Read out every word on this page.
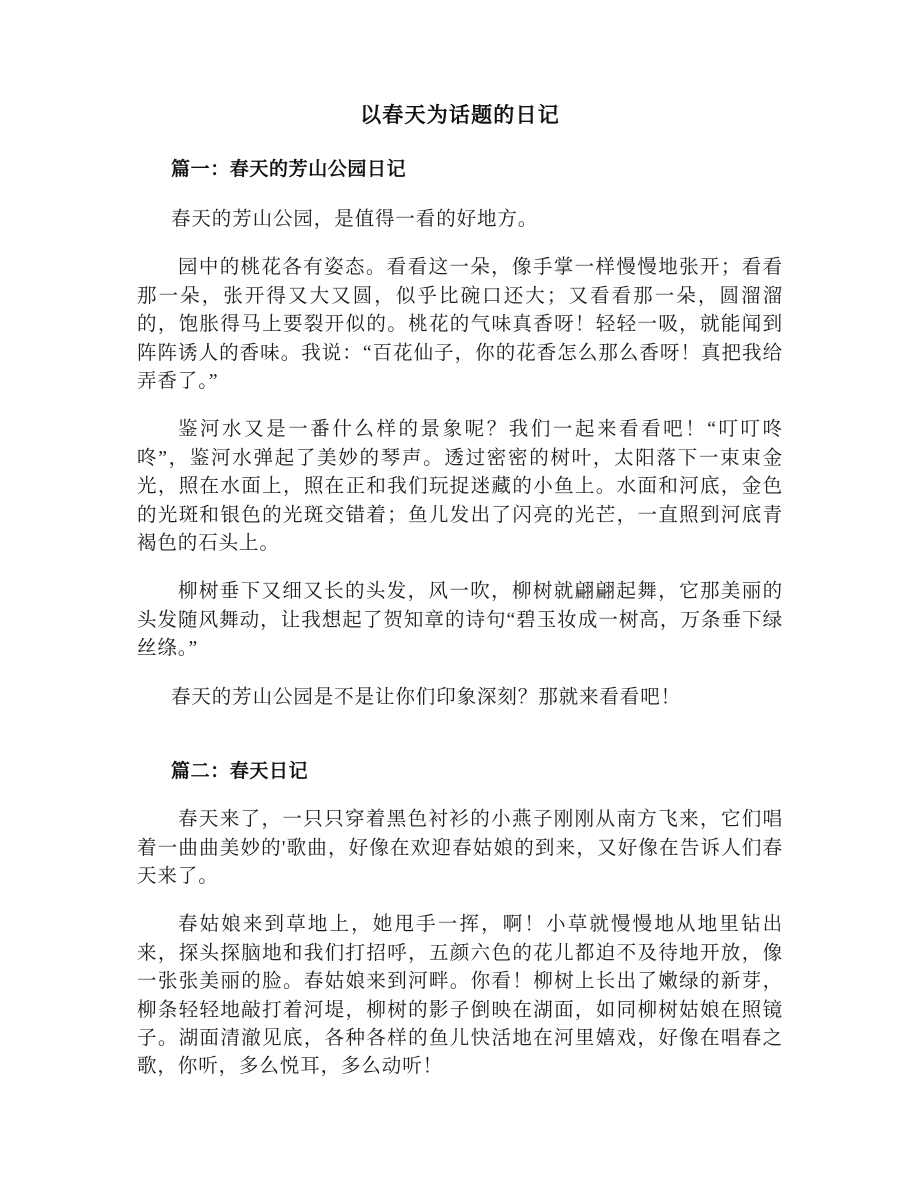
以春天为话题的日记
篇一：春天的芳山公园日记

春天的芳山公园，是值得一看的好地方。

园中的桃花各有姿态。看看这一朵，像手掌一样慢慢地张开；看看那一朵，张开得又大又圆，似乎比碗口还大；又看看那一朵，圆溜溜的，饱胀得马上要裂开似的。桃花的气味真香呀！轻轻一吸，就能闻到阵阵诱人的香味。我说：“百花仙子，你的花香怎么那么香呀！真把我给弄香了。”

鉴河水又是一番什么样的景象呢？我们一起来看看吧！“叮叮咚咚”，鉴河水弹起了美妙的琴声。透过密密的树叶，太阳落下一束束金光，照在水面上，照在正和我们玩捉迷藏的小鱼上。水面和河底，金色的光斑和银色的光斑交错着；鱼儿发出了闪亮的光芒，一直照到河底青褐色的石头上。

柳树垂下又细又长的头发，风一吹，柳树就翩翩起舞，它那美丽的头发随风舞动，让我想起了贺知章的诗句“碧玉妆成一树高，万条垂下绿丝绦。”

春天的芳山公园是不是让你们印象深刻？那就来看看吧！

篇二：春天日记

春天来了，一只只穿着黑色衬衫的小燕子刚刚从南方飞来，它们唱着一曲曲美妙的'歌曲，好像在欢迎春姑娘的到来，又好像在告诉人们春天来了。

春姑娘来到草地上，她甩手一挥，啊！小草就慢慢地从地里钻出来，探头探脑地和我们打招呼，五颜六色的花儿都迫不及待地开放，像一张张美丽的脸。春姑娘来到河畔。你看！柳树上长出了嫩绿的新芽，柳条轻轻地敲打着河堤，柳树的影子倒映在湖面，如同柳树姑娘在照镜子。湖面清澈见底，各种各样的鱼儿快活地在河里嬉戏，好像在唱春之歌，你听，多么悦耳，多么动听！
